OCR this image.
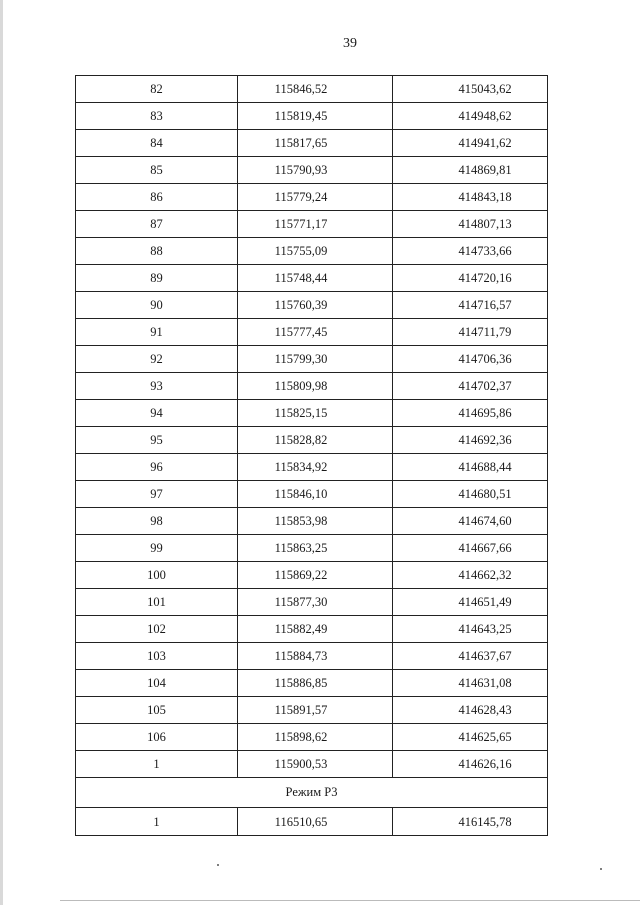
39
82	115846,52	415043,62
83	115819,45	414948,62
84	115817,65	414941,62
85	115790,93	414869,81
86	115779,24	414843,18
87	115771,17	414807,13
88	115755,09	414733,66
89	115748,44	414720,16
90	115760,39	414716,57
91	115777,45	414711,79
92	115799,30	414706,36
93	115809,98	414702,37
94	115825,15	414695,86
95	115828,82	414692,36
96	115834,92	414688,44
97	115846,10	414680,51
98	115853,98	414674,60
99	115863,25	414667,66
100	115869,22	414662,32
101	115877,30	414651,49
102	115882,49	414643,25
103	115884,73	414637,67
104	115886,85	414631,08
105	115891,57	414628,43
106	115898,62	414625,65
1	115900,53	414626,16
Режим Р3		
1	116510,65	416145,78
